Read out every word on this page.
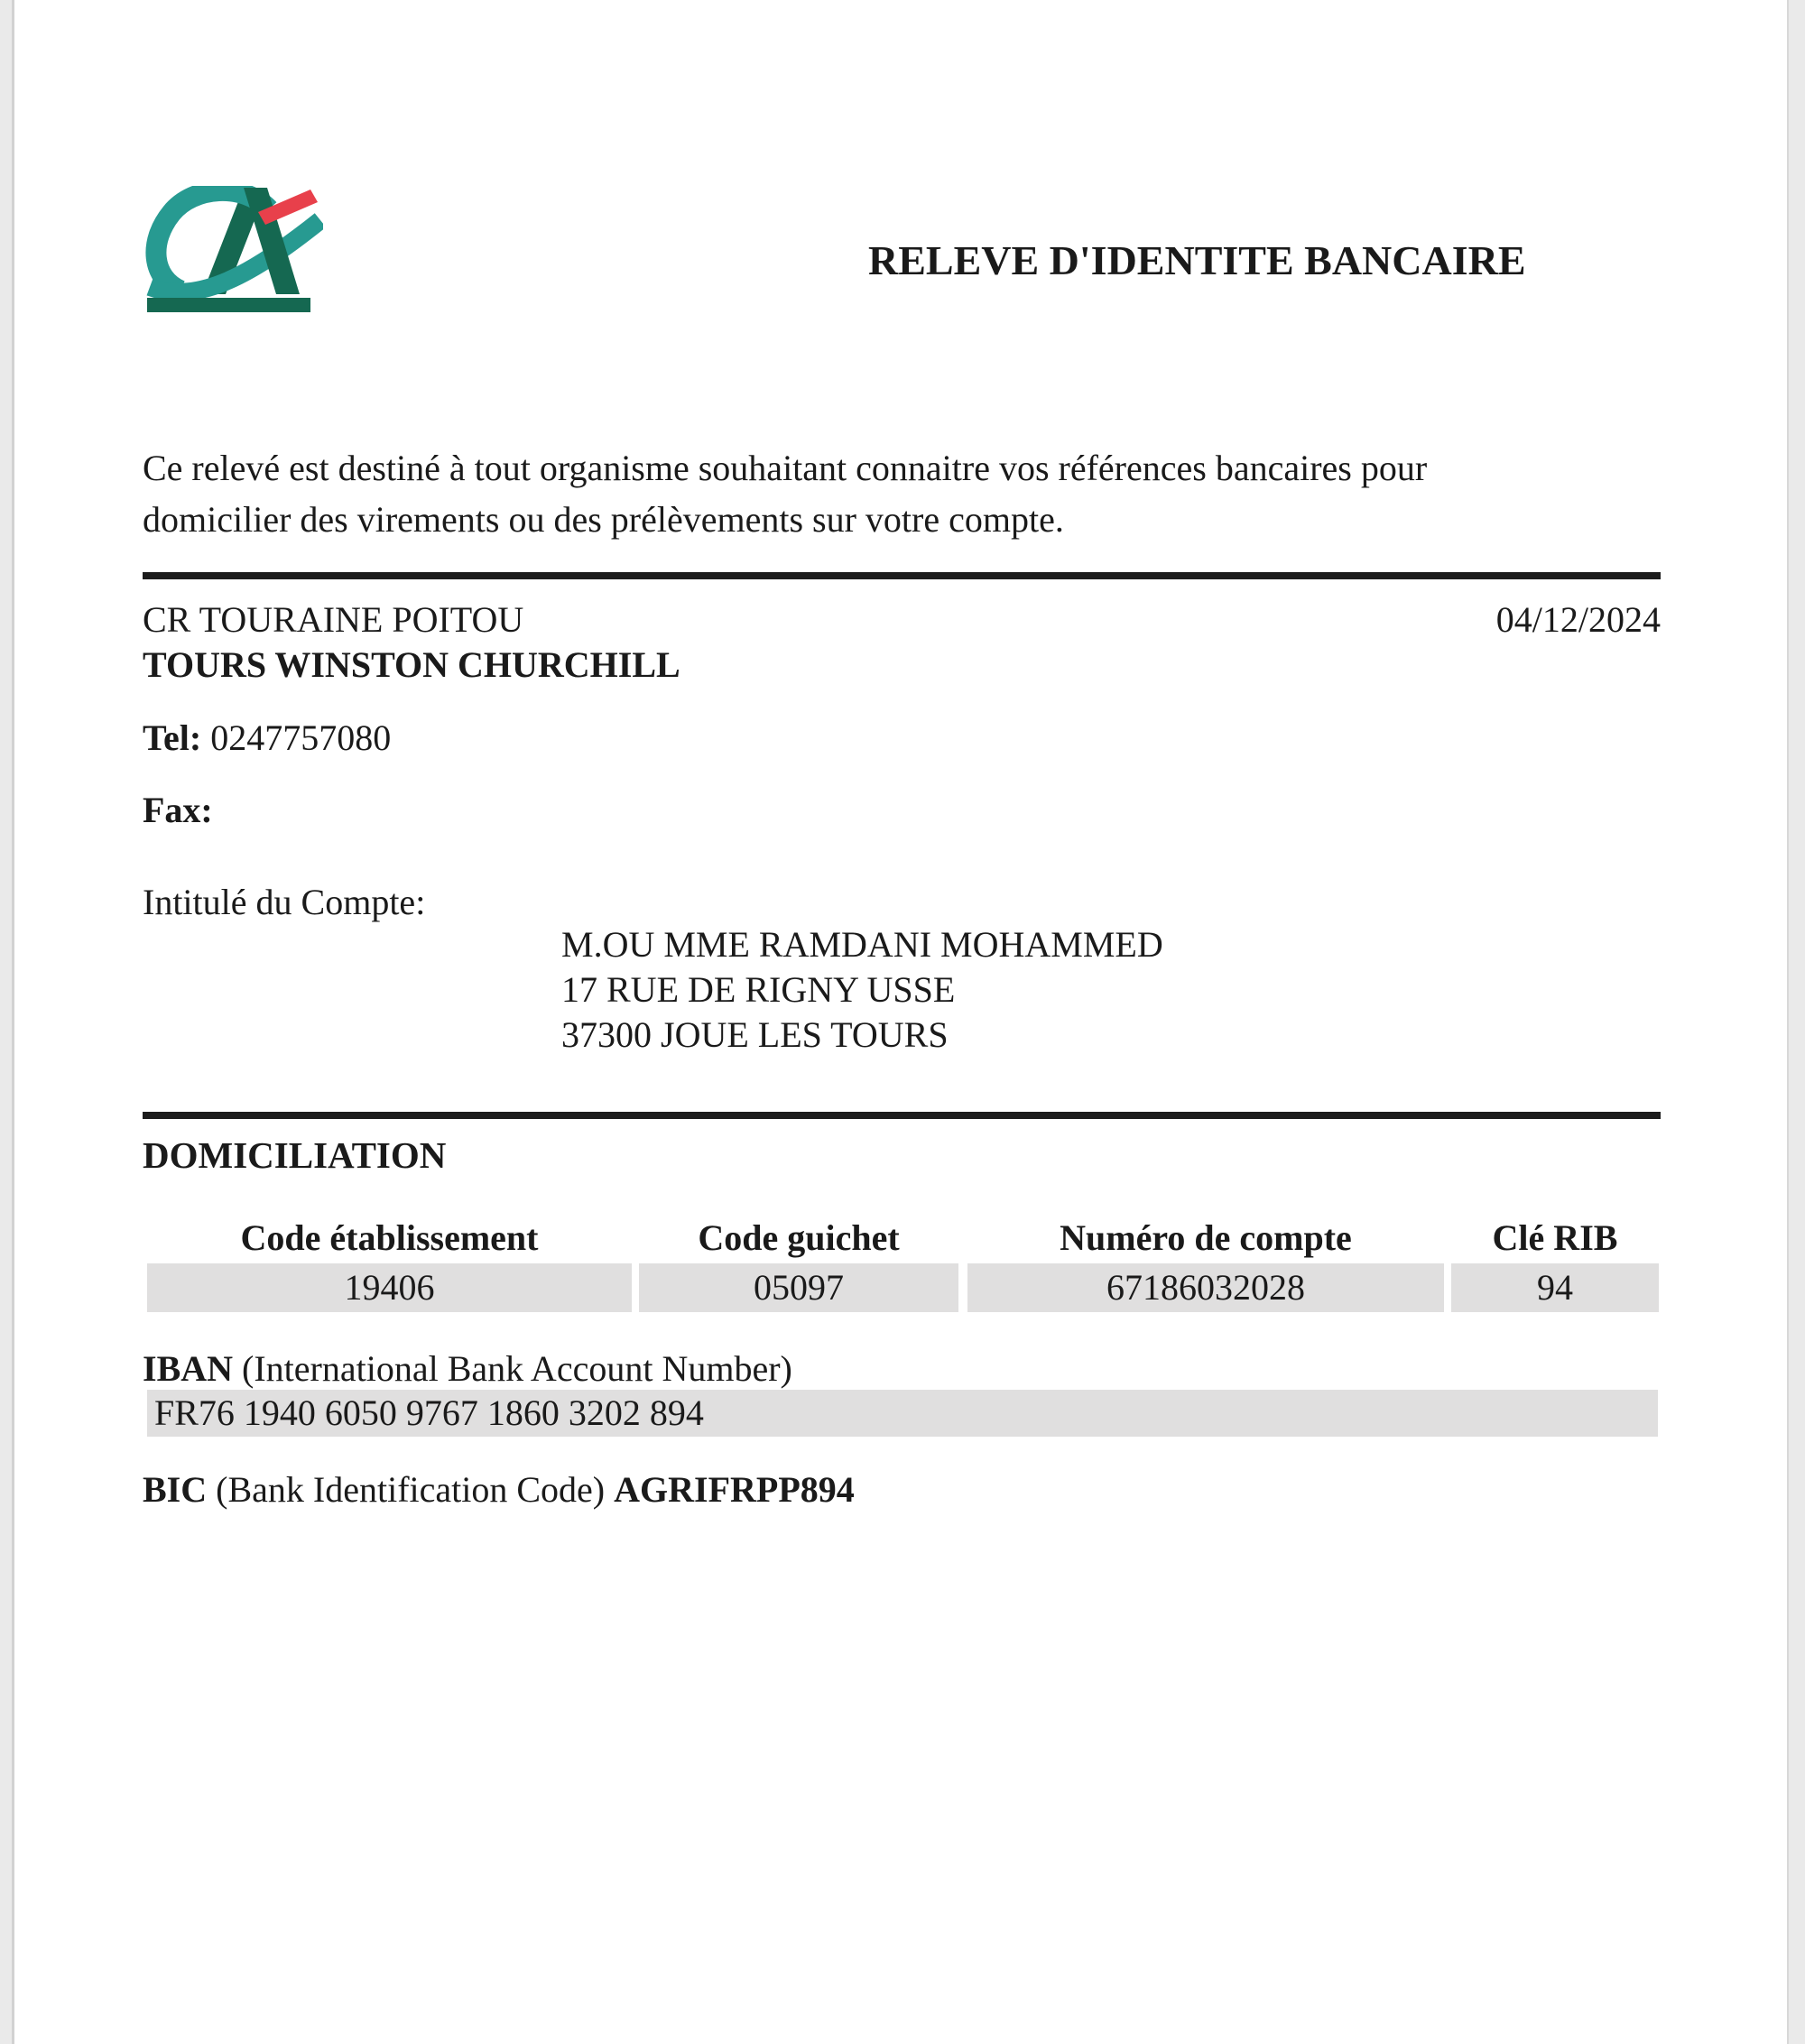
RELEVE D'IDENTITE BANCAIRE
Ce relevé est destiné à tout organisme souhaitant connaitre vos références bancaires pour
domicilier des virements ou des prélèvements sur votre compte.
CR TOURAINE POITOU	04/12/2024
TOURS WINSTON CHURCHILL
Tel: 0247757080
Fax:
Intitulé du Compte:
M.OU MME RAMDANI MOHAMMED
17 RUE DE RIGNY USSE
37300 JOUE LES TOURS
DOMICILIATION
Code établissement	Code guichet	Numéro de compte	Clé RIB
19406	05097	67186032028	94
IBAN (International Bank Account Number)
FR76 1940 6050 9767 1860 3202 894
BIC (Bank Identification Code) AGRIFRPP894
